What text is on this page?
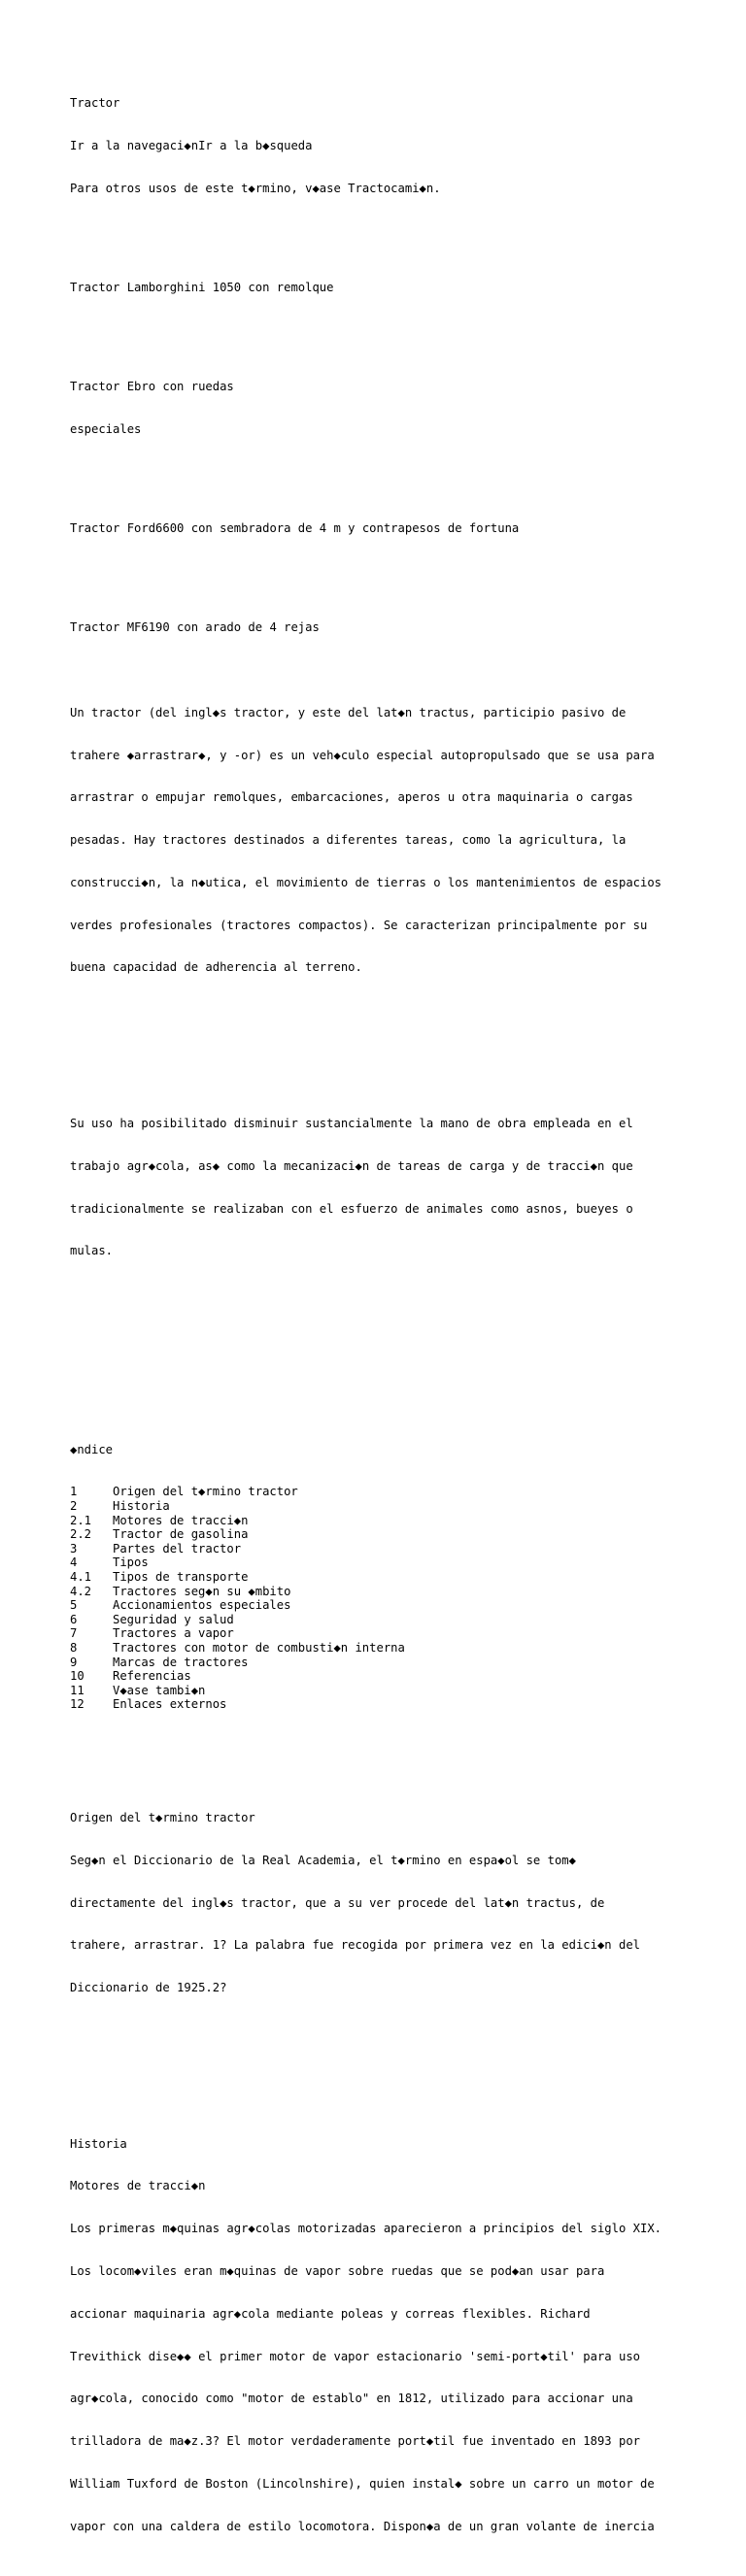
Tractor

Ir a la navegaci◆nIr a la b◆squeda

Para otros usos de este t◆rmino, v◆ase Tractocami◆n.

Tractor Lamborghini 1050 con remolque

Tractor Ebro con ruedas

especiales

Tractor Ford6600 con sembradora de 4 m y contrapesos de fortuna

Tractor MF6190 con arado de 4 rejas

Un tractor (del ingl◆s tractor, y este del lat◆n tractus, participio pasivo de

trahere ◆arrastrar◆, y -or) es un veh◆culo especial autopropulsado que se usa para

arrastrar o empujar remolques, embarcaciones, aperos u otra maquinaria o cargas

pesadas. Hay tractores destinados a diferentes tareas, como la agricultura, la

construcci◆n, la n◆utica, el movimiento de tierras o los mantenimientos de espacios

verdes profesionales (tractores compactos). Se caracterizan principalmente por su

buena capacidad de adherencia al terreno.

Su uso ha posibilitado disminuir sustancialmente la mano de obra empleada en el

trabajo agr◆cola, as◆ como la mecanizaci◆n de tareas de carga y de tracci◆n que

tradicionalmente se realizaban con el esfuerzo de animales como asnos, bueyes o

mulas.

◆ndice

1	Origen del t◆rmino tractor
2	Historia
2.1 Motores de tracci◆n
2.2 Tractor de gasolina
3	Partes del tractor
4	Tipos
4.1 Tipos de transporte
4.2 Tractores seg◆n su ◆mbito
5	Accionamientos especiales
6	Seguridad y salud
7	Tractores a vapor
8	Tractores con motor de combusti◆n interna
9	Marcas de tractores
10 Referencias
11 V◆ase tambi◆n
12 Enlaces externos

Origen del t◆rmino tractor

Seg◆n el Diccionario de la Real Academia, el t◆rmino en espa◆ol se tom◆

directamente del ingl◆s tractor, que a su ver procede del lat◆n tractus, de

trahere, arrastrar. 1? La palabra fue recogida por primera vez en la edici◆n del

Diccionario de 1925.2?

Historia

Motores de tracci◆n

Los primeras m◆quinas agr◆colas motorizadas aparecieron a principios del siglo XIX.

Los locom◆viles eran m◆quinas de vapor sobre ruedas que se pod◆an usar para

accionar maquinaria agr◆cola mediante poleas y correas flexibles. Richard

Trevithick dise◆◆ el primer motor de vapor estacionario 'semi-port◆til' para uso

agr◆cola, conocido como "motor de establo" en 1812, utilizado para accionar una

trilladora de ma◆z.3? El motor verdaderamente port◆til fue inventado en 1893 por

William Tuxford de Boston (Lincolnshire), quien instal◆ sobre un carro un motor de

vapor con una caldera de estilo locomotora. Dispon◆a de un gran volante de inercia
